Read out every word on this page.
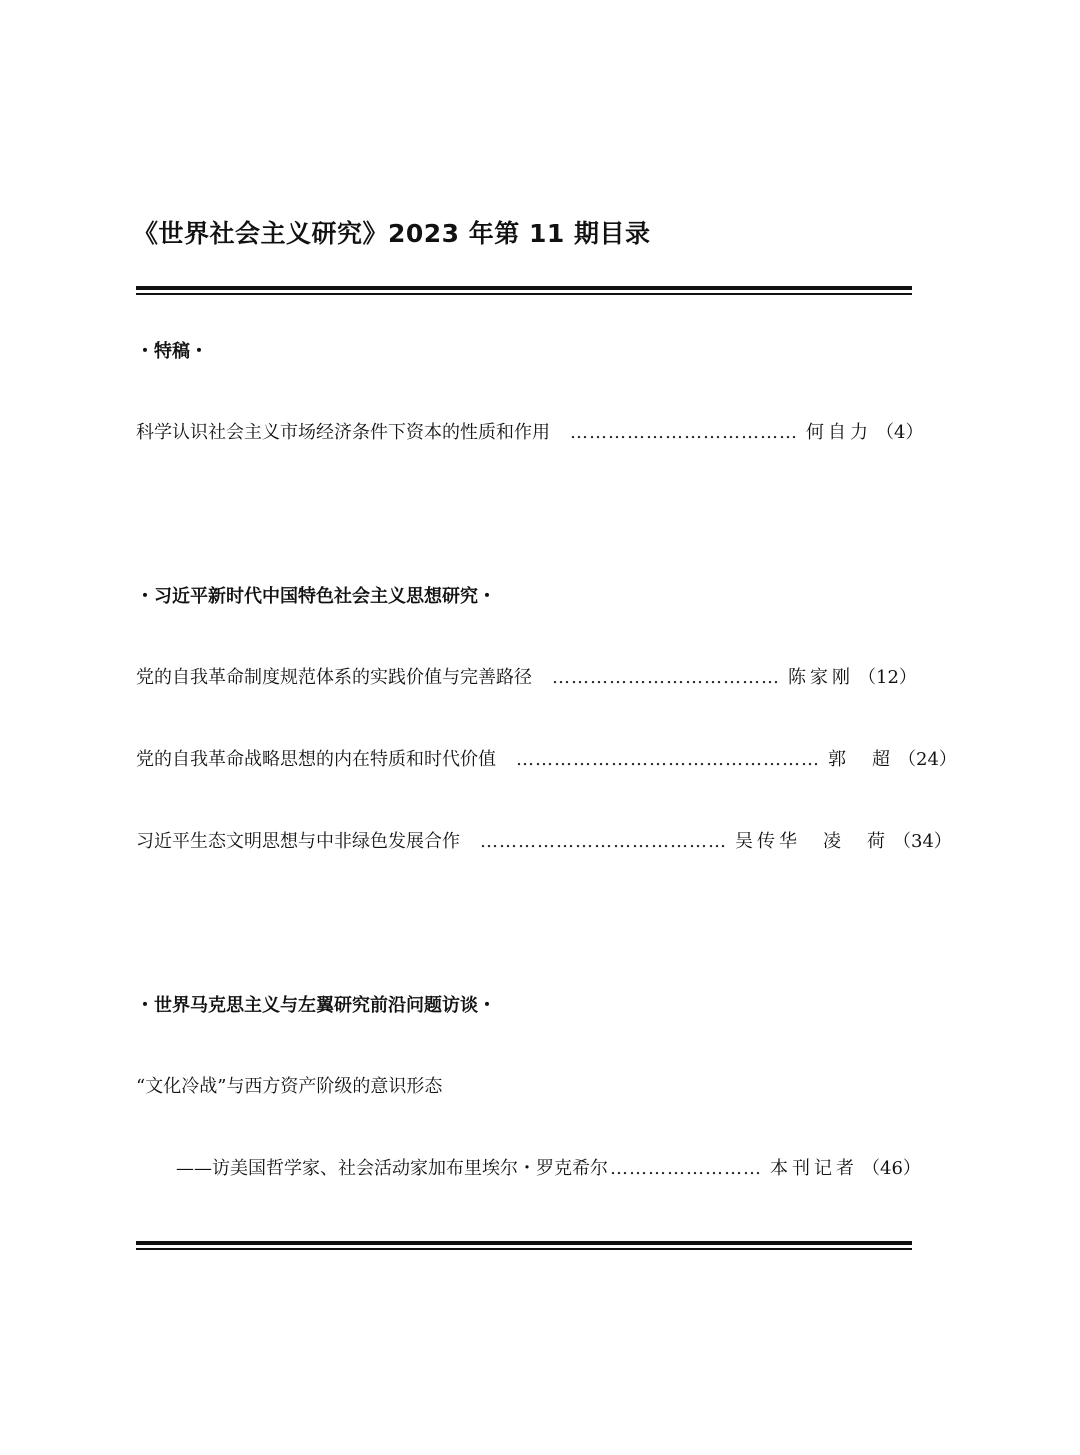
《世界社会主义研究》2023 年第 11 期目录
・特稿・
科学认识社会主义市场经济条件下资本的性质和作用 ……………………………… 何自力 （4）
・习近平新时代中国特色社会主义思想研究・
党的自我革命制度规范体系的实践价值与完善路径 ……………………………… 陈家刚 （12）
党的自我革命战略思想的内在特质和时代价值 ………………………………………… 郭　超 （24）
习近平生态文明思想与中非绿色发展合作 ………………………………… 吴传华　凌　荷 （34）
・世界马克思主义与左翼研究前沿问题访谈・
“文化冷战”与西方资产阶级的意识形态
——访美国哲学家、社会活动家加布里埃尔・罗克希尔 …………………… 本刊记者 （46）
